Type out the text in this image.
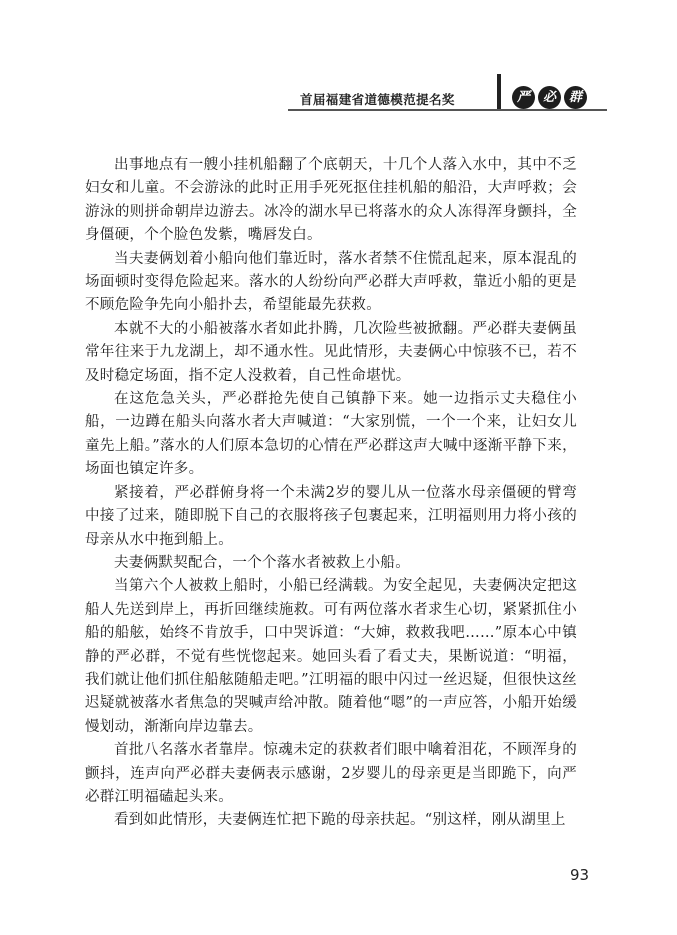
首届福建省道德模范提名奖	严 必 群

出事地点有一艘小挂机船翻了个底朝天，十几个人落入水中，其中不乏妇女和儿童。不会游泳的此时正用手死死抠住挂机船的船沿，大声呼救；会游泳的则拼命朝岸边游去。冰冷的湖水早已将落水的众人冻得浑身颤抖，全身僵硬，个个脸色发紫，嘴唇发白。

当夫妻俩划着小船向他们靠近时，落水者禁不住慌乱起来，原本混乱的场面顿时变得危险起来。落水的人纷纷向严必群大声呼救，靠近小船的更是不顾危险争先向小船扑去，希望能最先获救。

本就不大的小船被落水者如此扑腾，几次险些被掀翻。严必群夫妻俩虽常年往来于九龙湖上，却不通水性。见此情形，夫妻俩心中惊骇不已，若不及时稳定场面，指不定人没救着，自己性命堪忧。

在这危急关头，严必群抢先使自己镇静下来。她一边指示丈夫稳住小船，一边蹲在船头向落水者大声喊道：“大家别慌，一个一个来，让妇女儿童先上船。”落水的人们原本急切的心情在严必群这声大喊中逐渐平静下来，场面也镇定许多。

紧接着，严必群俯身将一个未满2岁的婴儿从一位落水母亲僵硬的臂弯中接了过来，随即脱下自己的衣服将孩子包裹起来，江明福则用力将小孩的母亲从水中拖到船上。

夫妻俩默契配合，一个个落水者被救上小船。

当第六个人被救上船时，小船已经满载。为安全起见，夫妻俩决定把这船人先送到岸上，再折回继续施救。可有两位落水者求生心切，紧紧抓住小船的船舷，始终不肯放手，口中哭诉道：“大婶，救救我吧……”原本心中镇静的严必群，不觉有些恍惚起来。她回头看了看丈夫，果断说道：“明福，我们就让他们抓住船舷随船走吧。”江明福的眼中闪过一丝迟疑，但很快这丝迟疑就被落水者焦急的哭喊声给冲散。随着他“嗯”的一声应答，小船开始缓慢划动，渐渐向岸边靠去。

首批八名落水者靠岸。惊魂未定的获救者们眼中噙着泪花，不顾浑身的颤抖，连声向严必群夫妻俩表示感谢，2岁婴儿的母亲更是当即跪下，向严必群江明福磕起头来。

看到如此情形，夫妻俩连忙把下跪的母亲扶起。“别这样，刚从湖里上

93
